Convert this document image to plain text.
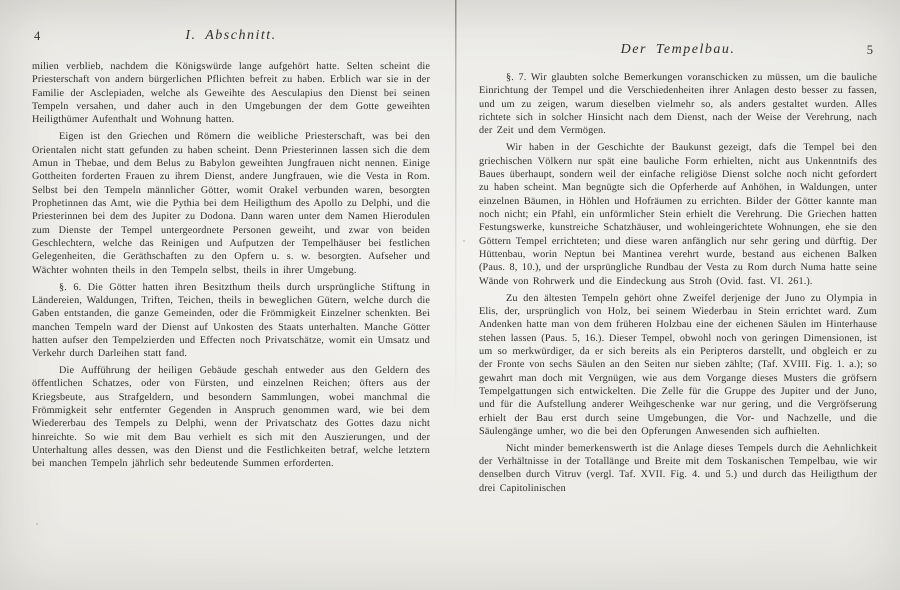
4	I. Abschnitt.

milien verblieb, nachdem die Königswürde lange aufgehört hatte. Selten scheint die Priesterschaft von andern bürgerlichen Pflichten befreit zu haben. Erblich war sie in der Familie der Asclepiaden, welche als Geweihte des Aesculapius den Dienst bei seinen Tempeln versahen, und daher auch in den Umgebungen der dem Gotte geweihten Heiligthümer Aufenthalt und Wohnung hatten.

Eigen ist den Griechen und Römern die weibliche Priesterschaft, was bei den Orientalen nicht statt gefunden zu haben scheint. Denn Priesterinnen lassen sich die dem Amun in Thebae, und dem Belus zu Babylon geweihten Jungfrauen nicht nennen. Einige Gottheiten forderten Frauen zu ihrem Dienst, andere Jungfrauen, wie die Vesta in Rom. Selbst bei den Tempeln männlicher Götter, womit Orakel verbunden waren, besorgten Prophetinnen das Amt, wie die Pythia bei dem Heiligthum des Apollo zu Delphi, und die Priesterinnen bei dem des Jupiter zu Dodona. Dann waren unter dem Namen Hierodulen zum Dienste der Tempel untergeordnete Personen geweiht, und zwar von beiden Geschlechtern, welche das Reinigen und Aufputzen der Tempelhäuser bei festlichen Gelegenheiten, die Geräthschaften zu den Opfern u. s. w. besorgten. Aufseher und Wächter wohnten theils in den Tempeln selbst, theils in ihrer Umgebung.

§. 6. Die Götter hatten ihren Besitzthum theils durch ursprüngliche Stiftung in Ländereien, Waldungen, Triften, Teichen, theils in beweglichen Gütern, welche durch die Gaben entstanden, die ganze Gemeinden, oder die Frömmigkeit Einzelner schenkten. Bei manchen Tempeln ward der Dienst auf Unkosten des Staats unterhalten. Manche Götter hatten aufser den Tempelzierden und Effecten noch Privatschätze, womit ein Umsatz und Verkehr durch Darleihen statt fand.

Die Aufführung der heiligen Gebäude geschah entweder aus den Geldern des öffentlichen Schatzes, oder von Fürsten, und einzelnen Reichen; öfters aus der Kriegsbeute, aus Strafgeldern, und besondern Sammlungen, wobei manchmal die Frömmigkeit sehr entfernter Gegenden in Anspruch genommen ward, wie bei dem Wiedererbau des Tempels zu Delphi, wenn der Privatschatz des Gottes dazu nicht hinreichte. So wie mit dem Bau verhielt es sich mit den Auszierungen, und der Unterhaltung alles dessen, was den Dienst und die Festlichkeiten betraf, welche letztern bei manchen Tempeln jährlich sehr bedeutende Summen erforderten.

Der Tempelbau.	5

§. 7. Wir glaubten solche Bemerkungen voranschicken zu müssen, um die bauliche Einrichtung der Tempel und die Verschiedenheiten ihrer Anlagen desto besser zu fassen, und um zu zeigen, warum dieselben vielmehr so, als anders gestaltet wurden. Alles richtete sich in solcher Hinsicht nach dem Dienst, nach der Weise der Verehrung, nach der Zeit und dem Vermögen.

Wir haben in der Geschichte der Baukunst gezeigt, dafs die Tempel bei den griechischen Völkern nur spät eine bauliche Form erhielten, nicht aus Unkenntnifs des Baues überhaupt, sondern weil der einfache religiöse Dienst solche noch nicht gefordert zu haben scheint. Man begnügte sich die Opferherde auf Anhöhen, in Waldungen, unter einzelnen Bäumen, in Höhlen und Hofräumen zu errichten. Bilder der Götter kannte man noch nicht; ein Pfahl, ein unförmlicher Stein erhielt die Verehrung. Die Griechen hatten Festungswerke, kunstreiche Schatzhäuser, und wohleingerichtete Wohnungen, ehe sie den Göttern Tempel errichteten; und diese waren anfänglich nur sehr gering und dürftig. Der Hüttenbau, worin Neptun bei Mantinea verehrt wurde, bestand aus eichenen Balken (Paus. 8, 10.), und der ursprüngliche Rundbau der Vesta zu Rom durch Numa hatte seine Wände von Rohrwerk und die Eindeckung aus Stroh (Ovid. fast. VI. 261.).

Zu den ältesten Tempeln gehört ohne Zweifel derjenige der Juno zu Olympia in Elis, der, ursprünglich von Holz, bei seinem Wiederbau in Stein errichtet ward. Zum Andenken hatte man von dem früheren Holzbau eine der eichenen Säulen im Hinterhause stehen lassen (Paus. 5, 16.). Dieser Tempel, obwohl noch von geringen Dimensionen, ist um so merkwürdiger, da er sich bereits als ein Peripteros darstellt, und obgleich er zu der Fronte von sechs Säulen an den Seiten nur sieben zählte; (Taf. XVIII. Fig. 1. a.); so gewahrt man doch mit Vergnügen, wie aus dem Vorgange dieses Musters die gröfsern Tempelgattungen sich entwickelten. Die Zelle für die Gruppe des Jupiter und der Juno, und für die Aufstellung anderer Weihgeschenke war nur gering, und die Vergröfserung erhielt der Bau erst durch seine Umgebungen, die Vor- und Nachzelle, und die Säulengänge umher, wo die bei den Opferungen Anwesenden sich aufhielten.

Nicht minder bemerkenswerth ist die Anlage dieses Tempels durch die Aehnlichkeit der Verhältnisse in der Totallänge und Breite mit dem Toskanischen Tempelbau, wie wir denselben durch Vitruv (vergl. Taf. XVII. Fig. 4. und 5.) und durch das Heiligthum der drei Capitolinischen
